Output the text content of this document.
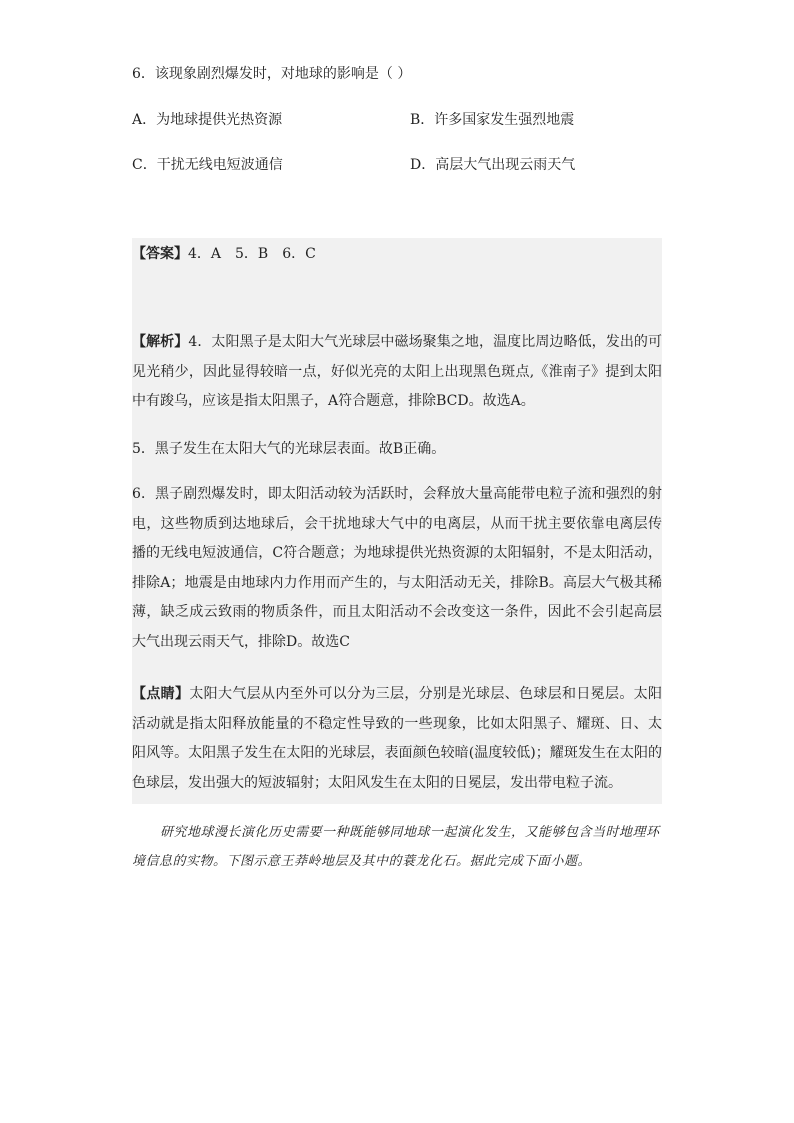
6．该现象剧烈爆发时，对地球的影响是（ ）
A．为地球提供光热资源	B．许多国家发生强烈地震
C．干扰无线电短波通信	D．高层大气出现云雨天气
【答案】4．A　5．B　6．C
【解析】4．太阳黑子是太阳大气光球层中磁场聚集之地，温度比周边略低，发出的可见光稍少，因此显得较暗一点，好似光亮的太阳上出现黑色斑点,《淮南子》提到太阳中有踆乌，应该是指太阳黑子，A符合题意，排除BCD。故选A。
5．黑子发生在太阳大气的光球层表面。故B正确。
6．黑子剧烈爆发时，即太阳活动较为活跃时，会释放大量高能带电粒子流和强烈的射电，这些物质到达地球后，会干扰地球大气中的电离层，从而干扰主要依靠电离层传播的无线电短波通信，C符合题意；为地球提供光热资源的太阳辐射，不是太阳活动，排除A；地震是由地球内力作用而产生的，与太阳活动无关，排除B。高层大气极其稀薄，缺乏成云致雨的物质条件，而且太阳活动不会改变这一条件，因此不会引起高层大气出现云雨天气，排除D。故选C
【点睛】太阳大气层从内至外可以分为三层，分别是光球层、色球层和日冕层。太阳活动就是指太阳释放能量的不稳定性导致的一些现象，比如太阳黑子、耀斑、日、太阳风等。太阳黑子发生在太阳的光球层，表面颜色较暗(温度较低)；耀斑发生在太阳的色球层，发出强大的短波辐射；太阳风发生在太阳的日冕层，发出带电粒子流。
研究地球漫长演化历史需要一种既能够同地球一起演化发生，又能够包含当时地理环境信息的实物。下图示意王莽岭地层及其中的蓑龙化石。据此完成下面小题。
